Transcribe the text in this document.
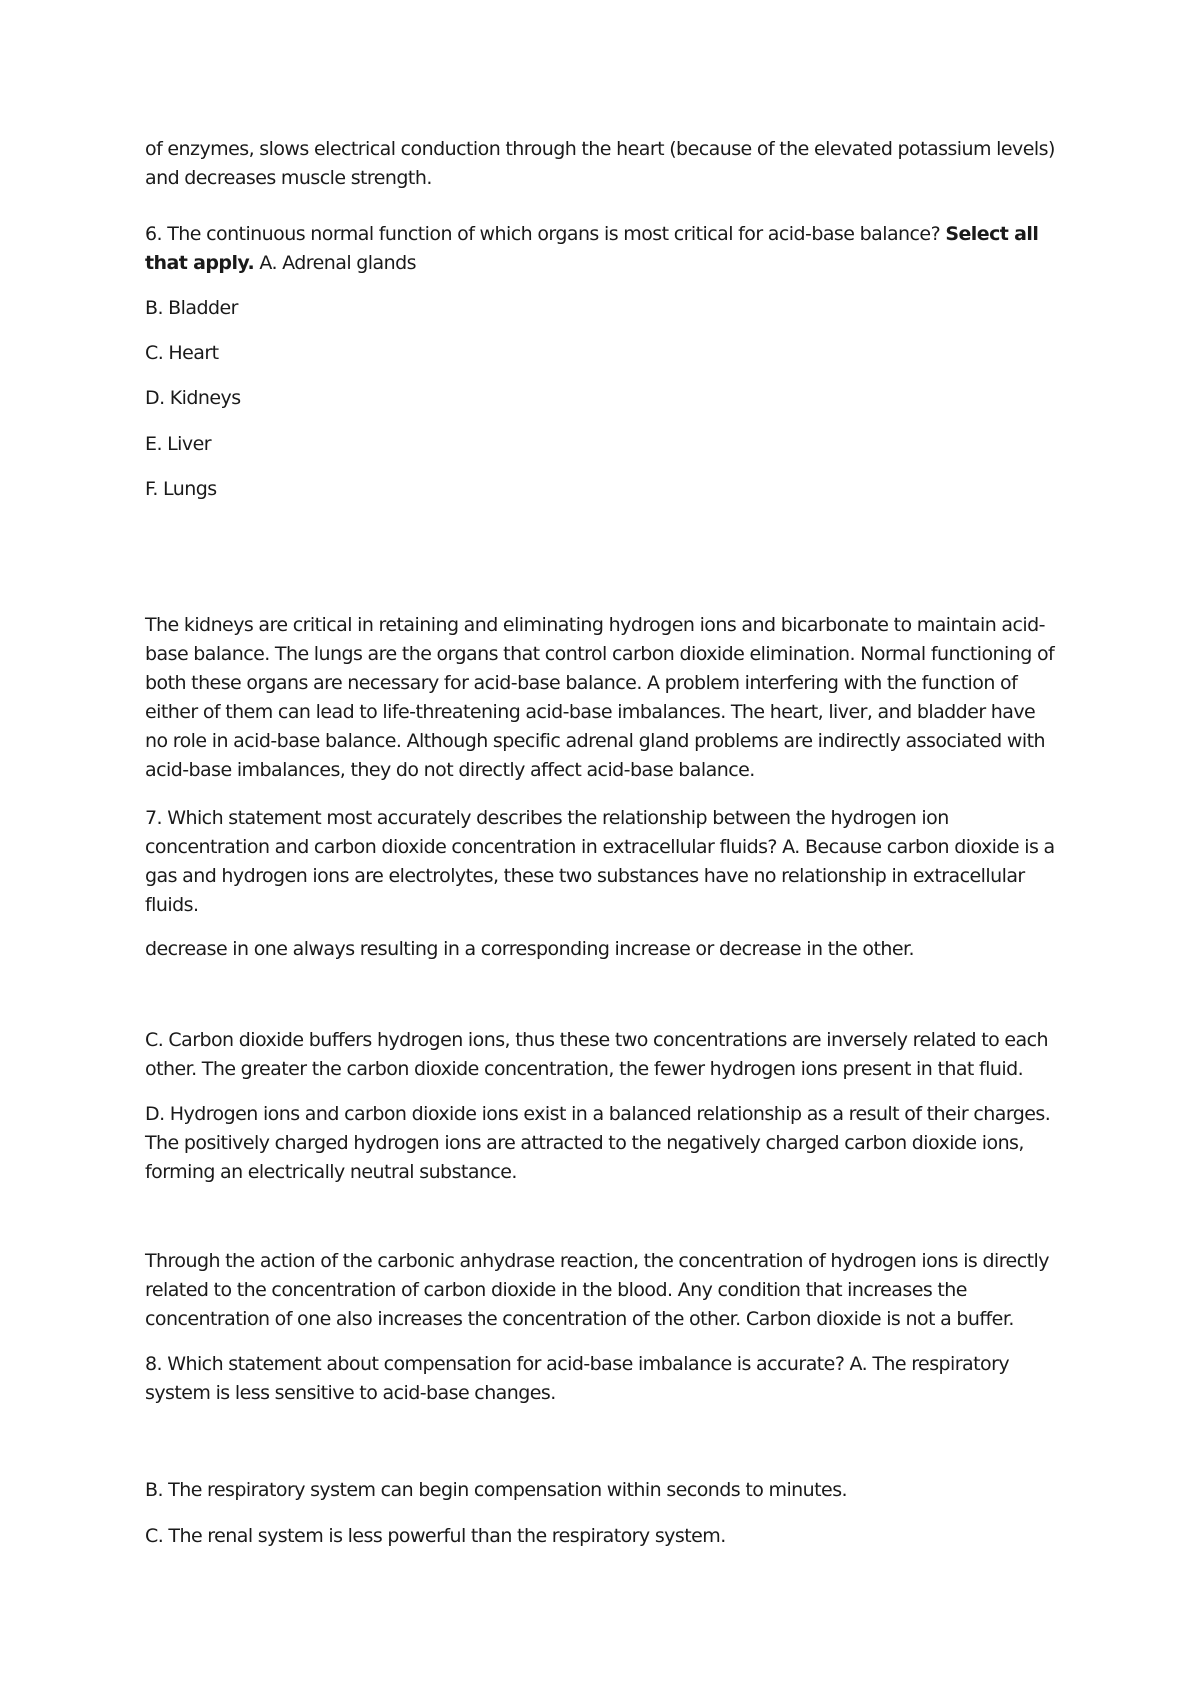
of enzymes, slows electrical conduction through the heart (because of the elevated potassium levels) and decreases muscle strength.

6. The continuous normal function of which organs is most critical for acid-base balance? Select all that apply. A. Adrenal glands

B. Bladder

C. Heart

D. Kidneys

E. Liver

F. Lungs

The kidneys are critical in retaining and eliminating hydrogen ions and bicarbonate to maintain acid-base balance. The lungs are the organs that control carbon dioxide elimination. Normal functioning of both these organs are necessary for acid-base balance. A problem interfering with the function of either of them can lead to life-threatening acid-base imbalances. The heart, liver, and bladder have no role in acid-base balance. Although specific adrenal gland problems are indirectly associated with acid-base imbalances, they do not directly affect acid-base balance.

7. Which statement most accurately describes the relationship between the hydrogen ion concentration and carbon dioxide concentration in extracellular fluids? A. Because carbon dioxide is a gas and hydrogen ions are electrolytes, these two substances have no relationship in extracellular fluids.

decrease in one always resulting in a corresponding increase or decrease in the other.

C. Carbon dioxide buffers hydrogen ions, thus these two concentrations are inversely related to each other. The greater the carbon dioxide concentration, the fewer hydrogen ions present in that fluid.

D. Hydrogen ions and carbon dioxide ions exist in a balanced relationship as a result of their charges. The positively charged hydrogen ions are attracted to the negatively charged carbon dioxide ions, forming an electrically neutral substance.

Through the action of the carbonic anhydrase reaction, the concentration of hydrogen ions is directly related to the concentration of carbon dioxide in the blood. Any condition that increases the concentration of one also increases the concentration of the other. Carbon dioxide is not a buffer.

8. Which statement about compensation for acid-base imbalance is accurate? A. The respiratory system is less sensitive to acid-base changes.

B. The respiratory system can begin compensation within seconds to minutes.

C. The renal system is less powerful than the respiratory system.
